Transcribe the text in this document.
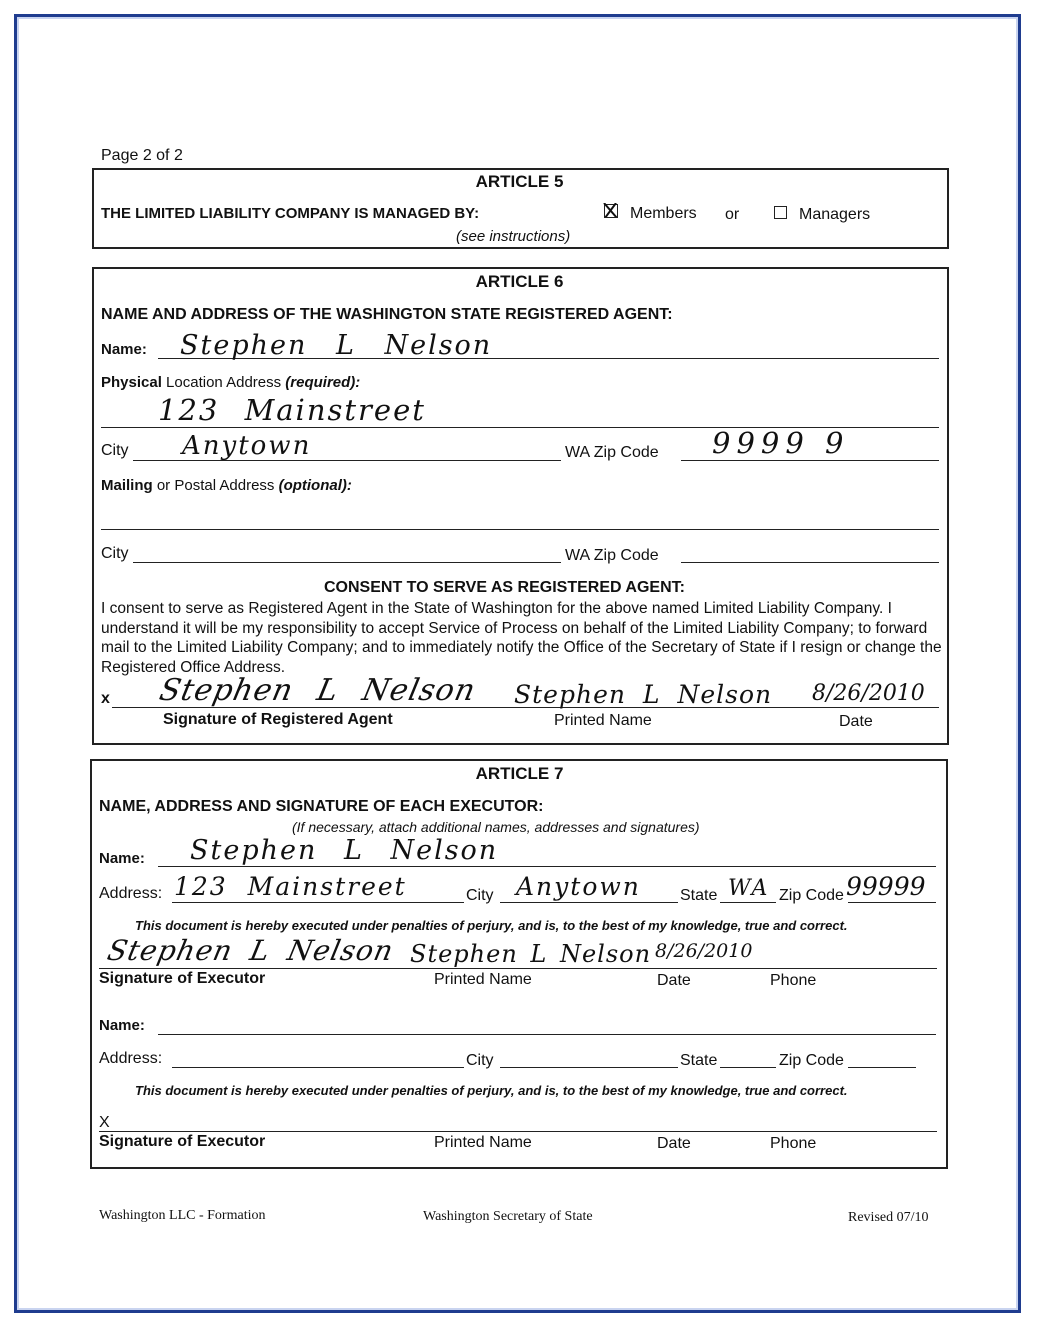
Page 2 of 2
ARTICLE 5
THE LIMITED LIABILITY COMPANY IS MANAGED BY:	Members or	Managers
(see instructions)
ARTICLE 6
NAME AND ADDRESS OF THE WASHINGTON STATE REGISTERED AGENT:
Name: Stephen L Nelson
Physical Location Address (required):
123 Mainstreet
City Anytown	WA Zip Code 9999 9
Mailing or Postal Address (optional):
City	WA Zip Code
CONSENT TO SERVE AS REGISTERED AGENT:
I consent to serve as Registered Agent in the State of Washington for the above named Limited Liability Company. I understand it will be my responsibility to accept Service of Process on behalf of the Limited Liability Company; to forward mail to the Limited Liability Company; and to immediately notify the Office of the Secretary of State if I resign or change the Registered Office Address.
x Stephen L Nelson Stephen L Nelson 8/26/2010
Signature of Registered Agent	Printed Name	Date
ARTICLE 7
NAME, ADDRESS AND SIGNATURE OF EACH EXECUTOR:
(If necessary, attach additional names, addresses and signatures)
Name: Stephen L Nelson
Address: 123 Mainstreet	City Anytown State WA Zip Code 99999
This document is hereby executed under penalties of perjury, and is, to the best of my knowledge, true and correct.
Stephen L Nelson Stephen L Nelson 8/26/2010
Signature of Executor	Printed Name	Date	Phone
Name:
Address:	City	State	Zip Code
This document is hereby executed under penalties of perjury, and is, to the best of my knowledge, true and correct.
X
Signature of Executor	Printed Name	Date	Phone
Washington LLC - Formation	Washington Secretary of State	Revised 07/10
